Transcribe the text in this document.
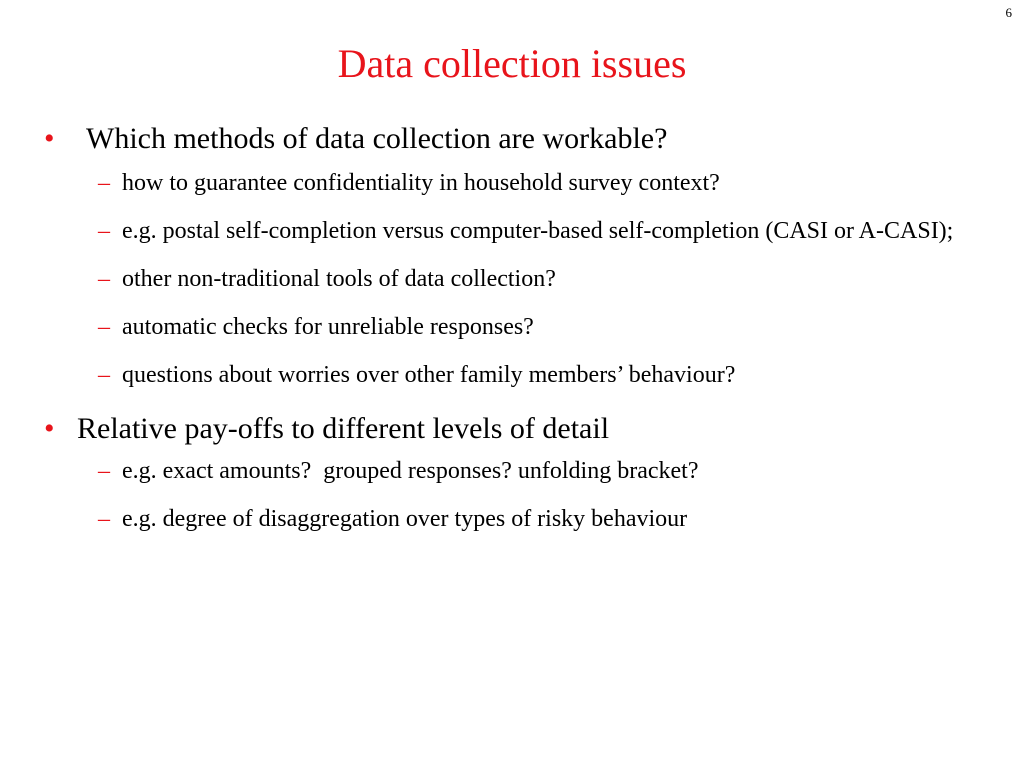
6
Data collection issues
•	Which methods of data collection are workable?
– how to guarantee confidentiality in household survey context?
– e.g. postal self-completion versus computer-based self-completion (CASI or A-CASI);
– other non-traditional tools of data collection?
– automatic checks for unreliable responses?
– questions about worries over other family members’ behaviour?
• Relative pay-offs to different levels of detail
– e.g. exact amounts?  grouped responses? unfolding bracket?
– e.g. degree of disaggregation over types of risky behaviour
